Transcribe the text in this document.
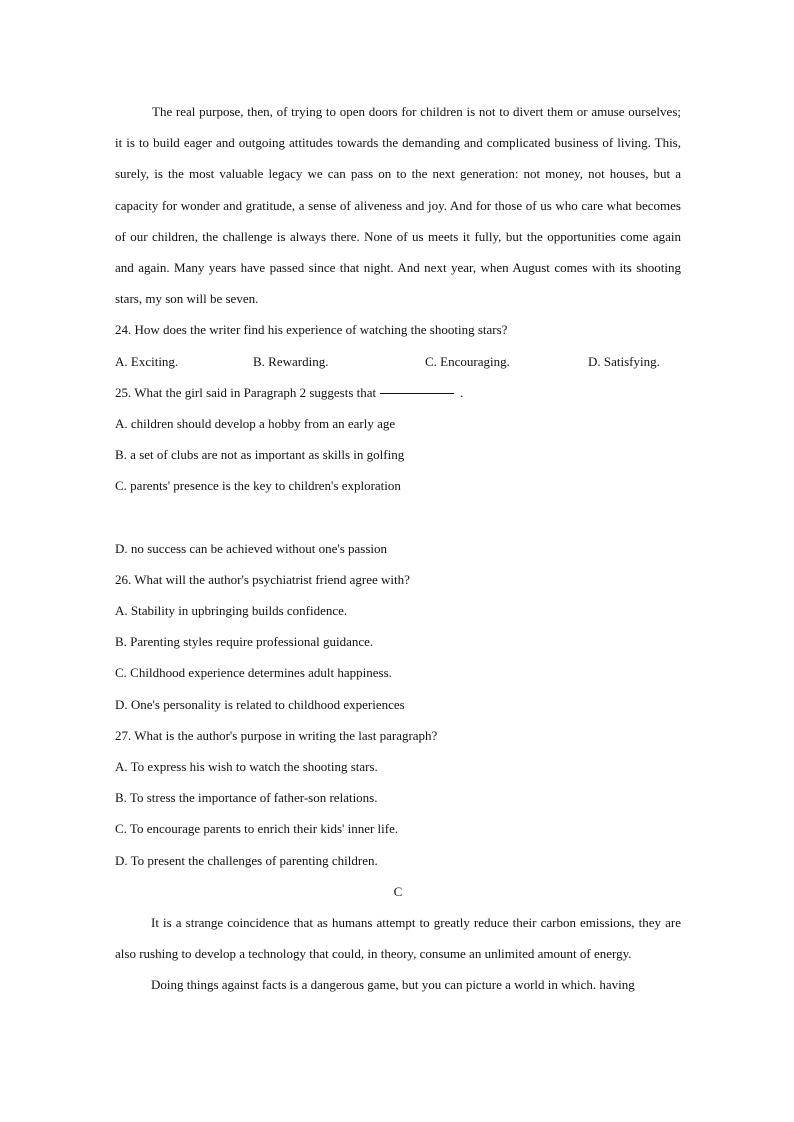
The real purpose, then, of trying to open doors for children is not to divert them or amuse ourselves; it is to build eager and outgoing attitudes towards the demanding and complicated business of living. This, surely, is the most valuable legacy we can pass on to the next generation: not money, not houses, but a capacity for wonder and gratitude, a sense of aliveness and joy. And for those of us who care what becomes of our children, the challenge is always there. None of us meets it fully, but the opportunities come again and again. Many years have passed since that night. And next year, when August comes with its shooting stars, my son will be seven.

24. How does the writer find his experience of watching the shooting stars?

A. Exciting.	B. Rewarding.	C. Encouraging.	D. Satisfying.

25. What the girl said in Paragraph 2 suggests that	.

A. children should develop a hobby from an early age

B. a set of clubs are not as important as skills in golfing

C. parents' presence is the key to children's exploration

D. no success can be achieved without one's passion

26. What will the author's psychiatrist friend agree with?

A. Stability in upbringing builds confidence.

B. Parenting styles require professional guidance.

C. Childhood experience determines adult happiness.

D. One's personality is related to childhood experiences

27. What is the author's purpose in writing the last paragraph?

A. To express his wish to watch the shooting stars.

B. To stress the importance of father-son relations.

C. To encourage parents to enrich their kids' inner life.

D. To present the challenges of parenting children.

C

It is a strange coincidence that as humans attempt to greatly reduce their carbon emissions, they are also rushing to develop a technology that could, in theory, consume an unlimited amount of energy.

Doing things against facts is a dangerous game, but you can picture a world in which. having
